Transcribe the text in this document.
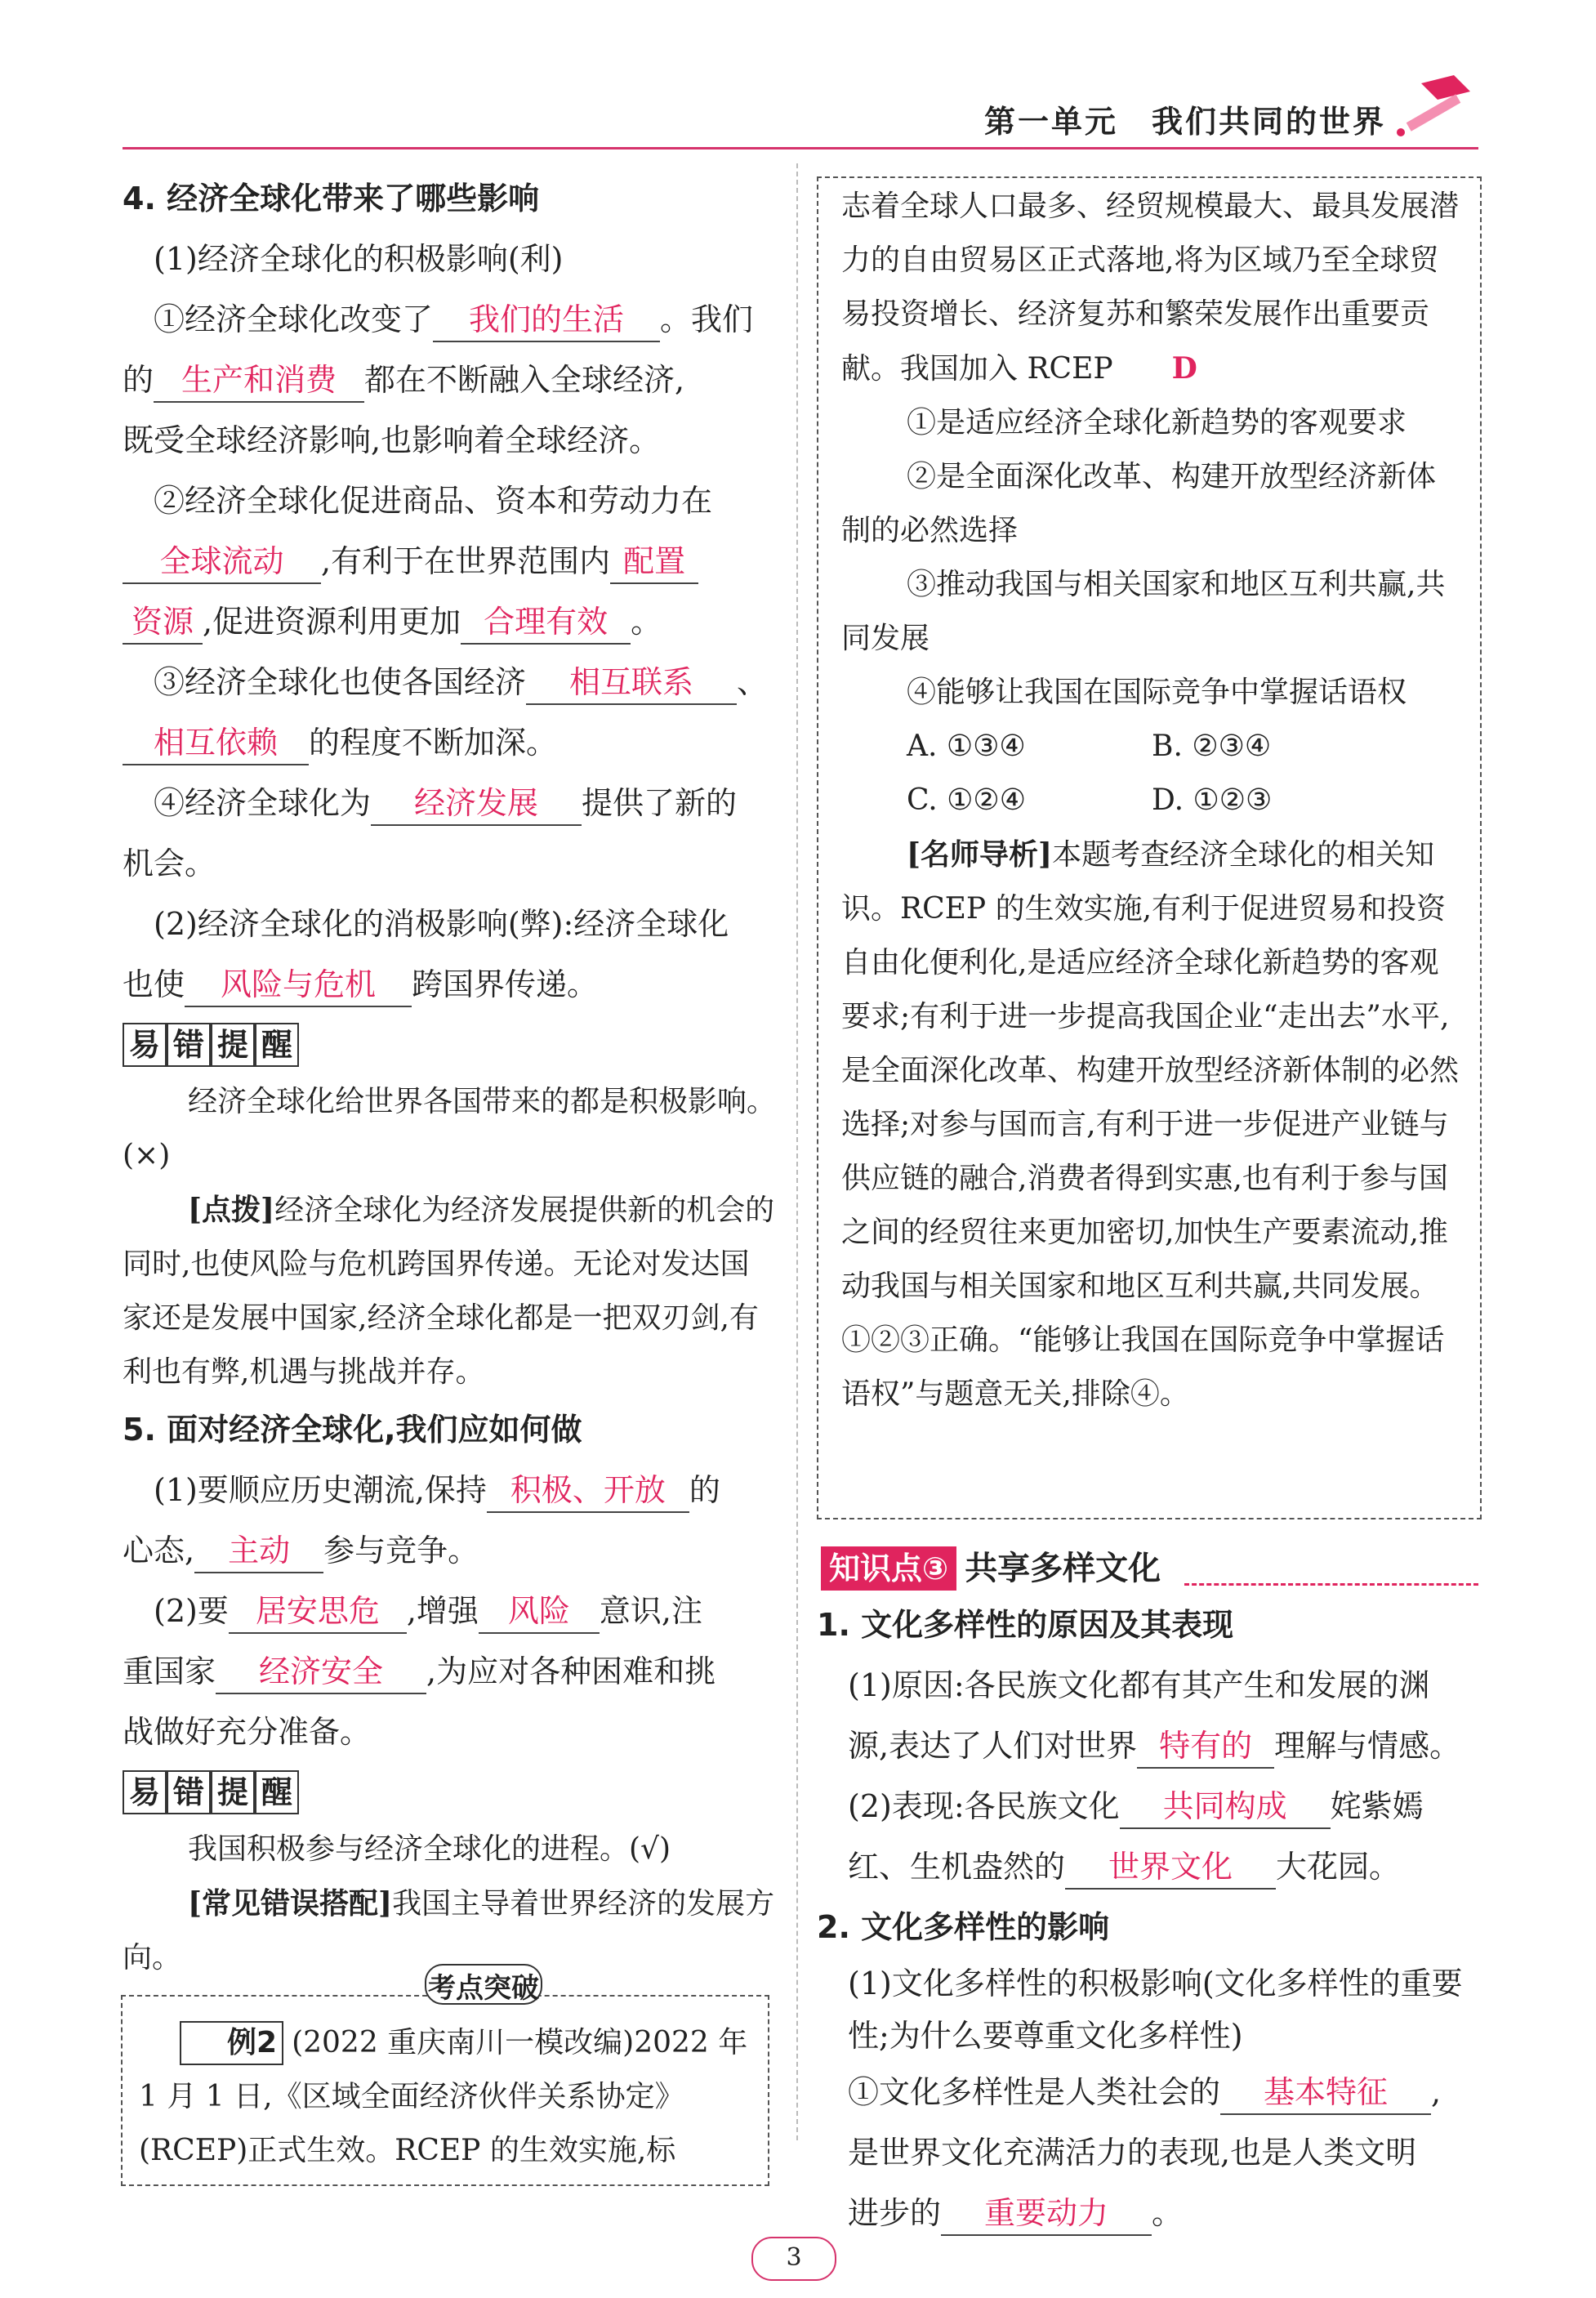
第一单元　我们共同的世界

4. 经济全球化带来了哪些影响

(1)经济全球化的积极影响(利)

①经济全球化改变了 我们的生活 。我们

的 生产和消费 都在不断融入全球经济,

既受全球经济影响,也影响着全球经济。

②经济全球化促进商品、资本和劳动力在

全球流动 ,有利于在世界范围内 配置

资源 ,促进资源利用更加 合理有效 。

③经济全球化也使各国经济 相互联系 、

相互依赖 的程度不断加深。

④经济全球化为 经济发展 提供了新的

机会。

(2)经济全球化的消极影响(弊):经济全球化

也使 风险与危机 跨国界传递。

易 错 提 醒

经济全球化给世界各国带来的都是积极影响。(×)

[点拨]经济全球化为经济发展提供新的机会的同时,也使风险与危机跨国界传递。无论对发达国家还是发展中国家,经济全球化都是一把双刃剑,有利也有弊,机遇与挑战并存。

5. 面对经济全球化,我们应如何做

(1)要顺应历史潮流,保持 积极、开放 的

心态, 主动 参与竞争。

(2)要 居安思危 ,增强 风险 意识,注

重国家 经济安全 ,为应对各种困难和挑

战做好充分准备。

易 错 提 醒

我国积极参与经济全球化的进程。(√)

[常见错误搭配]我国主导着世界经济的发展方向。

例2 (2022 重庆南川一模改编)2022 年 1 月 1 日,《区域全面经济伙伴关系协定》(RCEP)正式生效。RCEP 的生效实施,标

考点突破

志着全球人口最多、经贸规模最大、最具发展潜力的自由贸易区正式落地,将为区域乃至全球贸易投资增长、经济复苏和繁荣发展作出重要贡献。我国加入 RCEP　　 D

①是适应经济全球化新趋势的客观要求

②是全面深化改革、构建开放型经济新体制的必然选择

③推动我国与相关国家和地区互利共赢,共同发展

④能够让我国在国际竞争中掌握话语权

A. ①③④	B. ②③④

C. ①②④	D. ①②③

[名师导析]本题考查经济全球化的相关知识。RCEP 的生效实施,有利于促进贸易和投资自由化便利化,是适应经济全球化新趋势的客观要求;有利于进一步提高我国企业“走出去”水平,是全面深化改革、构建开放型经济新体制的必然选择;对参与国而言,有利于进一步促进产业链与供应链的融合,消费者得到实惠,也有利于参与国之间的经贸往来更加密切,加快生产要素流动,推动我国与相关国家和地区互利共赢,共同发展。①②③正确。“能够让我国在国际竞争中掌握话语权”与题意无关,排除④。

知识点③ 共享多样文化

1. 文化多样性的原因及其表现

(1)原因:各民族文化都有其产生和发展的渊

源,表达了人们对世界 特有的 理解与情感。

(2)表现:各民族文化 共同构成 姹紫嫣

红、生机盎然的 世界文化 大花园。

2. 文化多样性的影响

(1)文化多样性的积极影响(文化多样性的重要性;为什么要尊重文化多样性)

①文化多样性是人类社会的 基本特征 ,

是世界文化充满活力的表现,也是人类文明

进步的 重要动力 。

3
